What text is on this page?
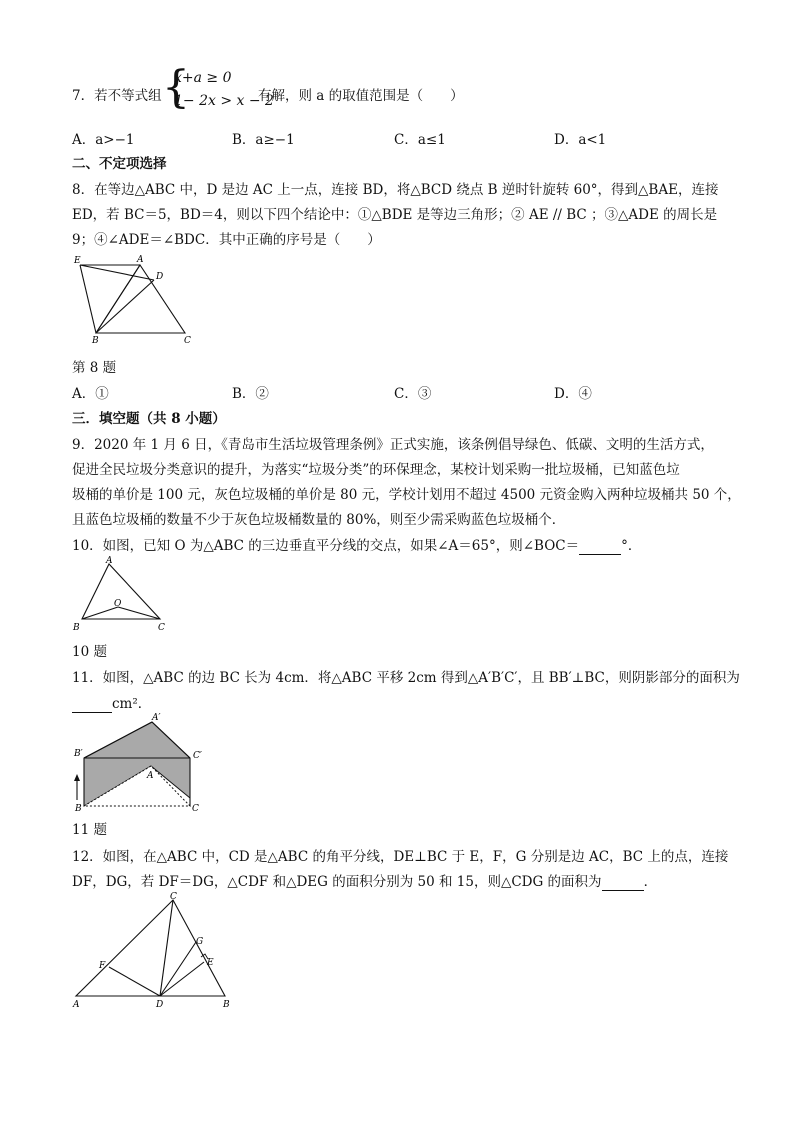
7．若不等式组 {
x+a ≥ 0
1− 2x > x − 2
有解，则 a 的取值范围是（　　）
A．a>−1	B．a≥−1	C．a≤1	D．a<1
二、不定项选择
8．在等边△ABC 中，D 是边 AC 上一点，连接 BD，将△BCD 绕点 B 逆时针旋转 60°，得到△BAE，连接
ED，若 BC＝5，BD＝4，则以下四个结论中：①△BDE 是等边三角形；② AE // BC ；③△ADE 的周长是
9；④∠ADE＝∠BDC．其中正确的序号是（　　）
E	A
D
B	C
第 8 题
A．①	B．②	C．③	D．④
三．填空题（共 8 小题）
9．2020 年 1 月 6 日，《青岛市生活垃圾管理条例》正式实施，该条例倡导绿色、低碳、文明的生活方式，
促进全民垃圾分类意识的提升，为落实“垃圾分类”的环保理念，某校计划采购一批垃圾桶，已知蓝色垃
圾桶的单价是 100 元，灰色垃圾桶的单价是 80 元，学校计划用不超过 4500 元资金购入两种垃圾桶共 50 个，
且蓝色垃圾桶的数量不少于灰色垃圾桶数量的 80%，则至少需采购蓝色垃圾桶个．
10．如图，已知 O 为△ABC 的三边垂直平分线的交点，如果∠A＝65°，则∠BOC＝	°．
A
O
B	C
10 题
11．如图，△ABC 的边 BC 长为 4cm．将△ABC 平移 2cm 得到△A′B′C′，且 BB′⊥BC，则阴影部分的面积为
cm²．
A′
B′	C′
A
B	C
11 题
12．如图，在△ABC 中，CD 是△ABC 的角平分线，DE⊥BC 于 E，F，G 分别是边 AC，BC 上的点，连接
DF，DG，若 DF＝DG，△CDF 和△DEG 的面积分别为 50 和 15，则△CDG 的面积为	．
C
G
E
F
A	D	B
